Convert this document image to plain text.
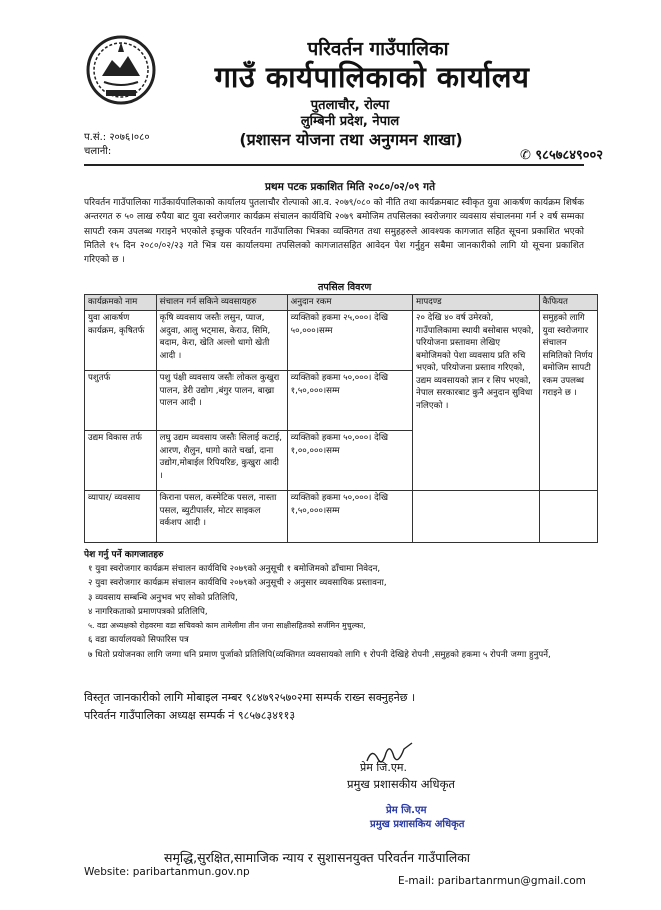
परिवर्तन गाउँपालिका
गाउँ कार्यपालिकाको कार्यालय
पुतलाचौर, रोल्पा
लुम्बिनी प्रदेश, नेपाल
(प्रशासन योजना तथा अनुगमन शाखा)
प.सं.: २०७६।०८०
चलानी:	✆ ९८५७८४९००२
प्रथम पटक प्रकाशित मिति २०८०/०२/०९ गते
परिवर्तन गाउँपालिका गाउँकार्यपालिकाको कार्यालय पुतलाचौर रोल्पाको आ.व. २०७९/०८० को नीति तथा कार्यक्रमबाट स्वीकृत युवा आकर्षण कार्यक्रम शिर्षक अन्तरगत रु ५० लाख रुपैया बाट युवा स्वरोजगार कार्यक्रम संचालन कार्यविधि २०७९ बमोजिम तपसिलका स्वरोजगार व्यवसाय संचालनमा गर्न २ वर्ष सम्मका सापटी रकम उपलब्ध गराइने भएकोले इच्छुक परिवर्तन गाउँपालिका भित्रका व्यक्तिगत तथा समुहहरुले आवश्यक कागजात सहित सूचना प्रकाशित भएको मितिले १५ दिन २०८०/०२/२३ गते भित्र यस कार्यालयमा तपसिलको कागजातसहित आवेदन पेश गर्नुहुन सबैमा जानकारीको लागि यो सूचना प्रकाशित गरिएको छ ।
तपसिल विवरण
कार्यक्रमको नाम	संचालन गर्न सकिने व्यवसायहरु	अनुदान रकम	मापदण्ड	कैफियत
युवा आकर्षण कार्यक्रम, कृषितर्फ	कृषि व्यवसाय जस्तैः लसुन, प्याज, अदुवा, आलु भट्‌मास, केराउ, सिमि, बदाम, केरा, खेति अल्लो धागो खेती आदी ।	व्यक्तिको हकमा २५,०००। देखि ५०,०००।सम्म	२० देखि ४० वर्ष उमेरको, गाउँपालिकामा स्थायी बसोबास भएको, परियोजना प्रस्तावमा लेखिए बमोजिमको पेशा व्यवसाय प्रति रुचि भएको, परियोजना प्रस्ताव गरिएको, उद्यम व्यवसायको ज्ञान र सिप भएको, नेपाल सरकारबाट कुनै अनुदान सुविधा नलिएको ।	समुहको लागि युवा स्वरोजगार संचालन समितिको निर्णय बमोजिम सापटी रकम उपलब्ध गराइने छ ।
पशुतर्फ	पशु पंक्षी व्यवसाय जस्तैः लोकल कुखुरा पालन, डेरी उद्योग ,बंगुर पालन, बाख्रा पालन आदी ।	व्यक्तिको हकमा ५०,०००। देखि १,५०,०००।सम्म		
उद्यम विकास तर्फ	लघु उद्यम व्यवसाय जस्तैः सिलाई कटाई, आरण, शैलुन, धागो काते चर्खा, दाना उद्योग,मोबाईल रिपियरिङ, कुखुरा आदी ।	व्यक्तिको हकमा ५०,०००। देखि १,००,०००।सम्म		
व्यापार/ व्यवसाय	किराना पसल, कस्मेटिक पसल, नास्ता पसल, ब्युटीपार्लर, मोटर साइकल वर्कशप आदी ।	व्यक्तिको हकमा ५०,०००। देखि १,५०,०००।सम्म		
पेश गर्नु पर्ने कागजातहरु
१ युवा स्वरोजगार कार्यक्रम संचालन कार्यविधि २०७९को अनुसूची १ बमोजिमको ढाँचामा निवेदन,
२ युवा स्वरोजगार कार्यक्रम संचालन कार्यविधि २०७९को अनुसूची २ अनुसार व्यवसायिक प्रस्तावना,
३ व्यवसाय सम्बन्धि अनुभव भए सोको प्रतिलिपि,
४ नागरिकताको प्रमाणपत्रको प्रतिलिपि,
५. वडा अध्यक्षको रोहवरमा वडा सचिवको काम तामेलीमा तीन जना साक्षीसहितको सर्जमिन मुचुल्का,
६ वडा कार्यालयको सिफारिस पत्र
७ धितो प्रयोजनका लागि जग्गा धनि प्रमाण पुर्जाको प्रतिलिपि(व्यक्तिगत व्यवसायको लागि १ रोपनी देखिहे रोपनी ,समुहको हकमा ५ रोपनी जग्गा हुनुपर्ने,
विस्तृत जानकारीको लागि मोबाइल नम्बर ९८४७९२५७०२मा सम्पर्क राख्न सक्नुहनेछ ।
परिवर्तन गाउँपालिका अध्यक्ष सम्पर्क नं ९८५७८३४११३
प्रेम जि.एम.
प्रमुख प्रशासकीय अधिकृत
प्रेम जि.एम
प्रमुख प्रशासकिय अधिकृत
समृद्धि,सुरक्षित,सामाजिक न्याय र सुशासनयुक्त परिवर्तन गाउँपालिका
Website: paribartanmun.gov.np
E-mail: paribartanrmun@gmail.com
